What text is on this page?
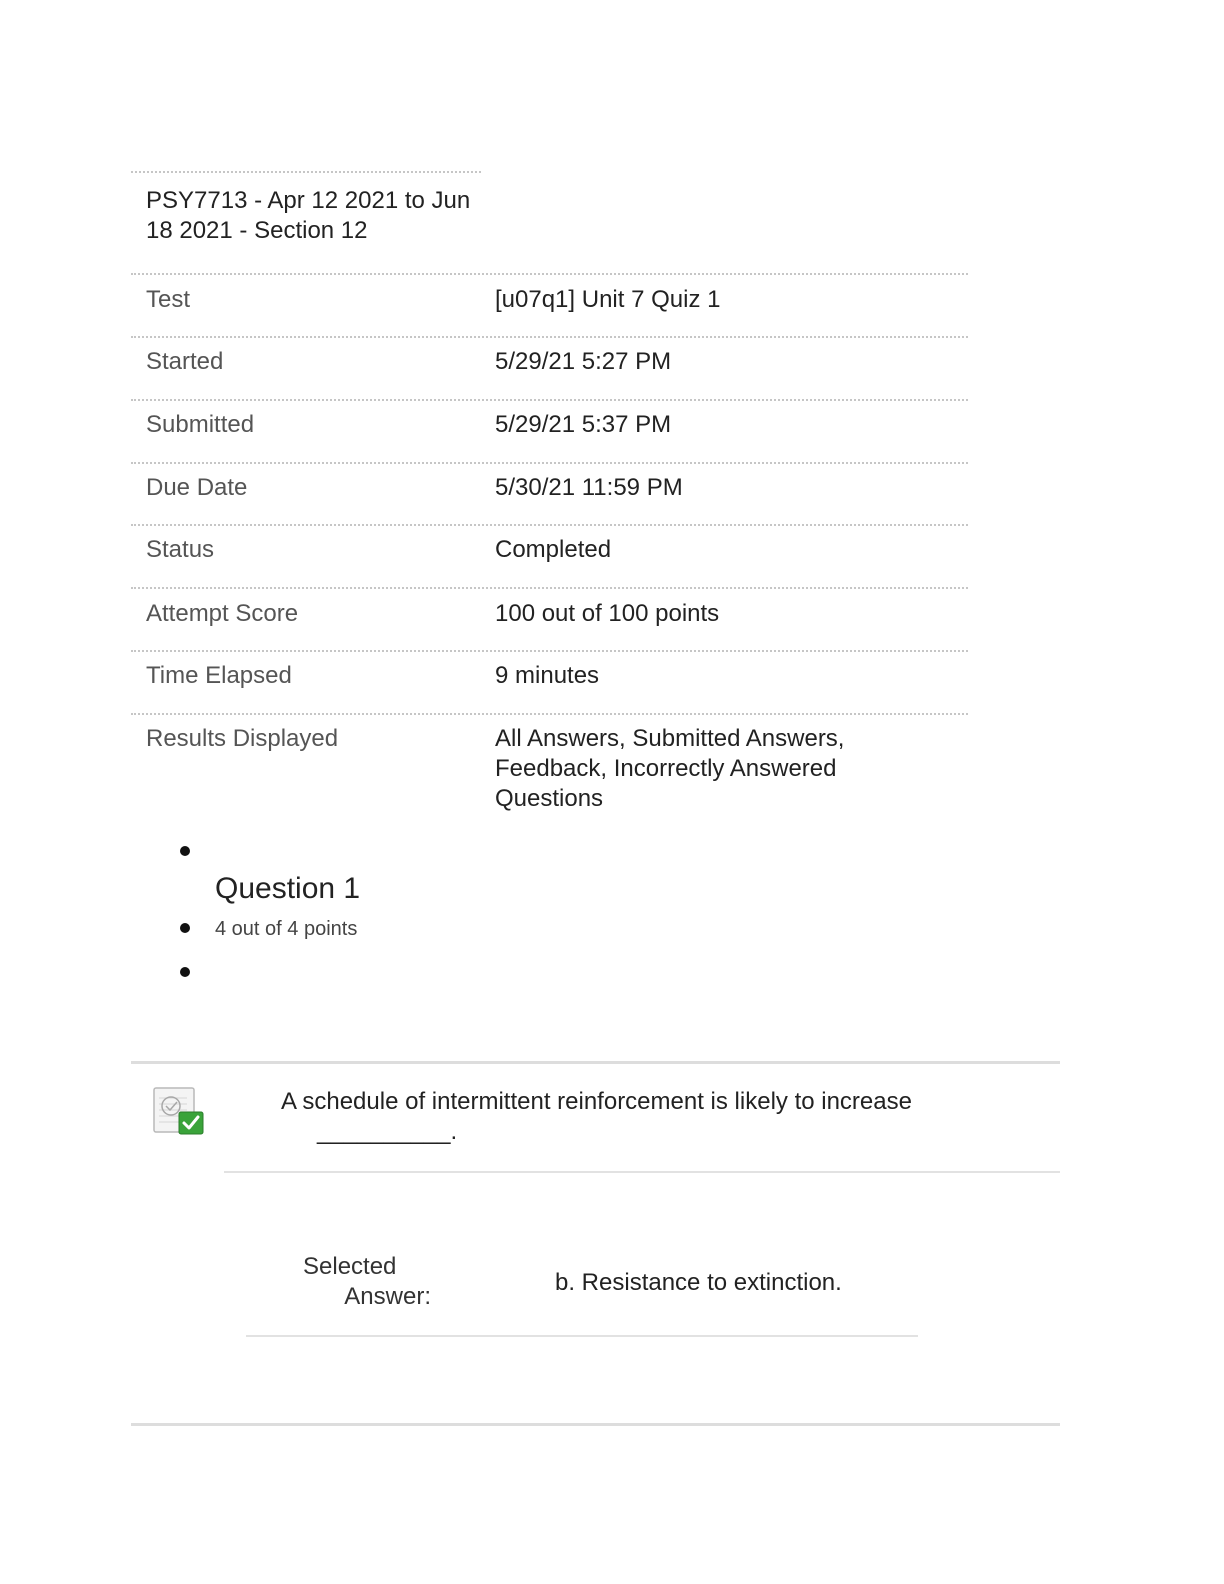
PSY7713 - Apr 12 2021 to Jun 18 2021 - Section 12
Test	[u07q1] Unit 7 Quiz 1
Started	5/29/21 5:27 PM
Submitted	5/29/21 5:37 PM
Due Date	5/30/21 11:59 PM
Status	Completed
Attempt Score	100 out of 100 points
Time Elapsed	9 minutes
Results Displayed	All Answers, Submitted Answers, Feedback, Incorrectly Answered Questions
Question 1
4 out of 4 points
A schedule of intermittent reinforcement is likely to increase
__________.
Selected
Answer:
b. Resistance to extinction.
